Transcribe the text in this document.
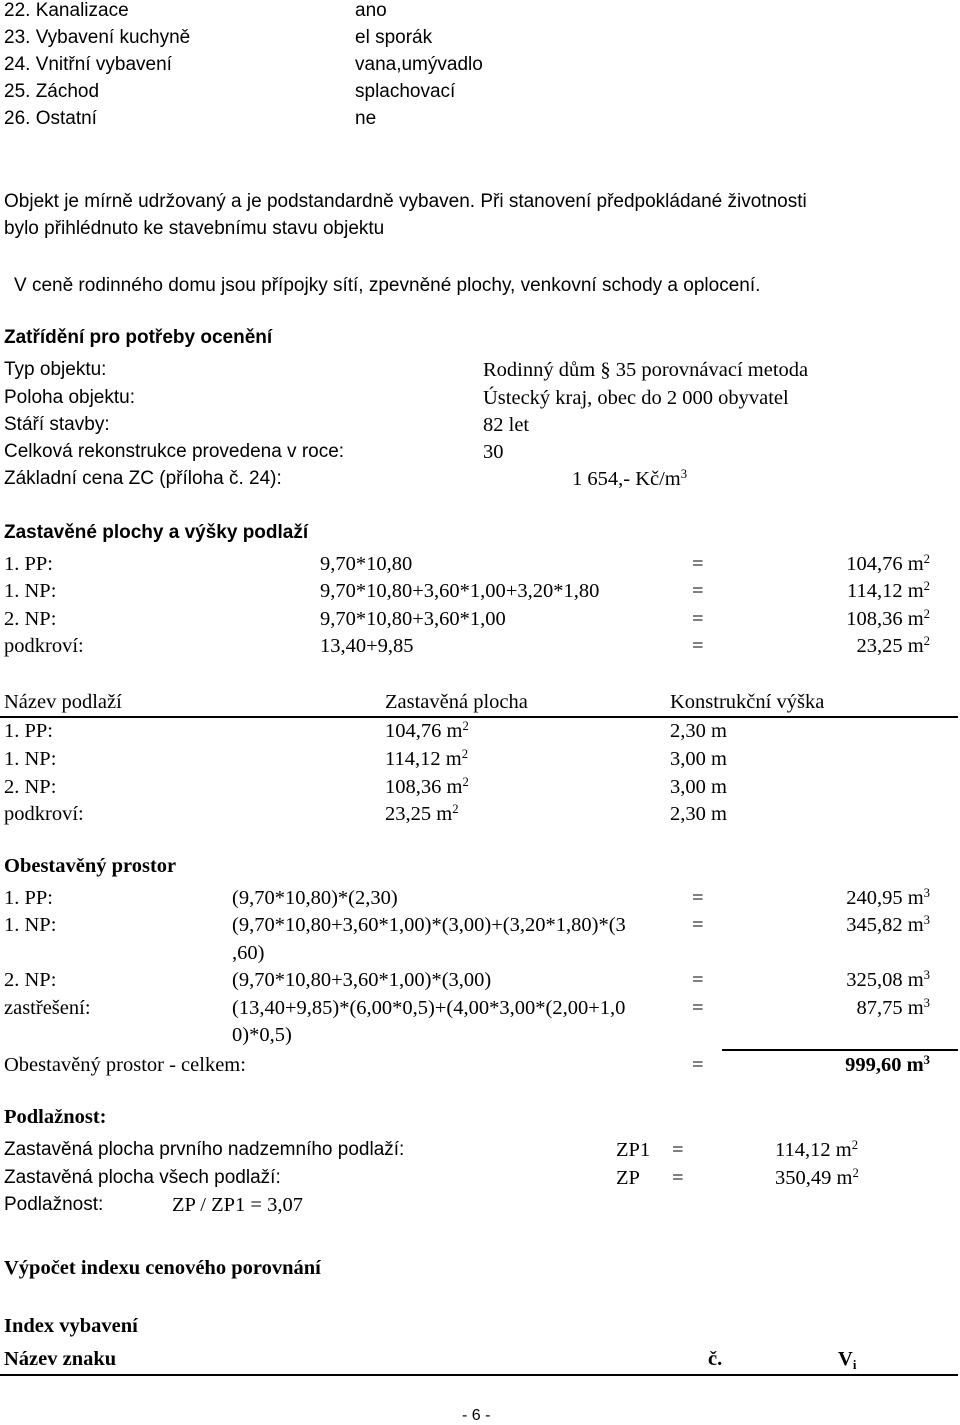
22. Kanalizace	ano
23. Vybavení kuchyně	el sporák
24. Vnitřní vybavení	vana,umývadlo
25. Záchod	splachovací
26. Ostatní	ne
Objekt je mírně udržovaný a je podstandardně vybaven. Při stanovení předpokládané životnosti
bylo přihlédnuto ke stavebnímu stavu objektu
V ceně rodinného domu jsou přípojky sítí, zpevněné plochy, venkovní schody a oplocení.
Zatřídění pro potřeby ocenění
Typ objektu:	Rodinný dům § 35 porovnávací metoda
Poloha objektu:	Ústecký kraj, obec do 2 000 obyvatel
Stáří stavby:	82 let
Celková rekonstrukce provedena v roce:	30
Základní cena ZC (příloha č. 24):	1 654,- $Kč/m^3$
Zastavěné plochy a výšky podlaží
1. PP:	9,70*10,80	=	104,76 $m^2$
1. NP:	9,70*10,80+3,60*1,00+3,20*1,80	=	114,12 $m^2$
2. NP:	9,70*10,80+3,60*1,00	=	108,36 $m^2$
podkroví:	13,40+9,85	=	23,25 $m^2$
Název podlaží	Zastavěná plocha	Konstrukční výška
1. PP:	104,76 $m^2$	2,30 m
1. NP:	114,12 $m^2$	3,00 m
2. NP:	108,36 $m^2$	3,00 m
podkroví:	23,25 $m^2$	2,30 m
Obestavěný prostor
1. PP:	(9,70*10,80)*(2,30)	=	240,95 $m^3$
1. NP:	(9,70*10,80+3,60*1,00)*(3,00)+(3,20*1,80)*(3	=	345,82 $m^3$
,60)
2. NP:	(9,70*10,80+3,60*1,00)*(3,00)	=	325,08 $m^3$
zastřešení:	(13,40+9,85)*(6,00*0,5)+(4,00*3,00*(2,00+1,0	=	87,75 $m^3$
0)*0,5)
Obestavěný prostor - celkem:	=	999,60 $m^3$
Podlažnost:
Zastavěná plocha prvního nadzemního podlaží:	ZP1 =	114,12 $m^2$
Zastavěná plocha všech podlaží:	ZP =	350,49 $m^2$
Podlažnost:	ZP / ZP1 = 3,07
Výpočet indexu cenového porovnání
Index vybavení
Název znaku	č.	$V_i$
- 6 -
